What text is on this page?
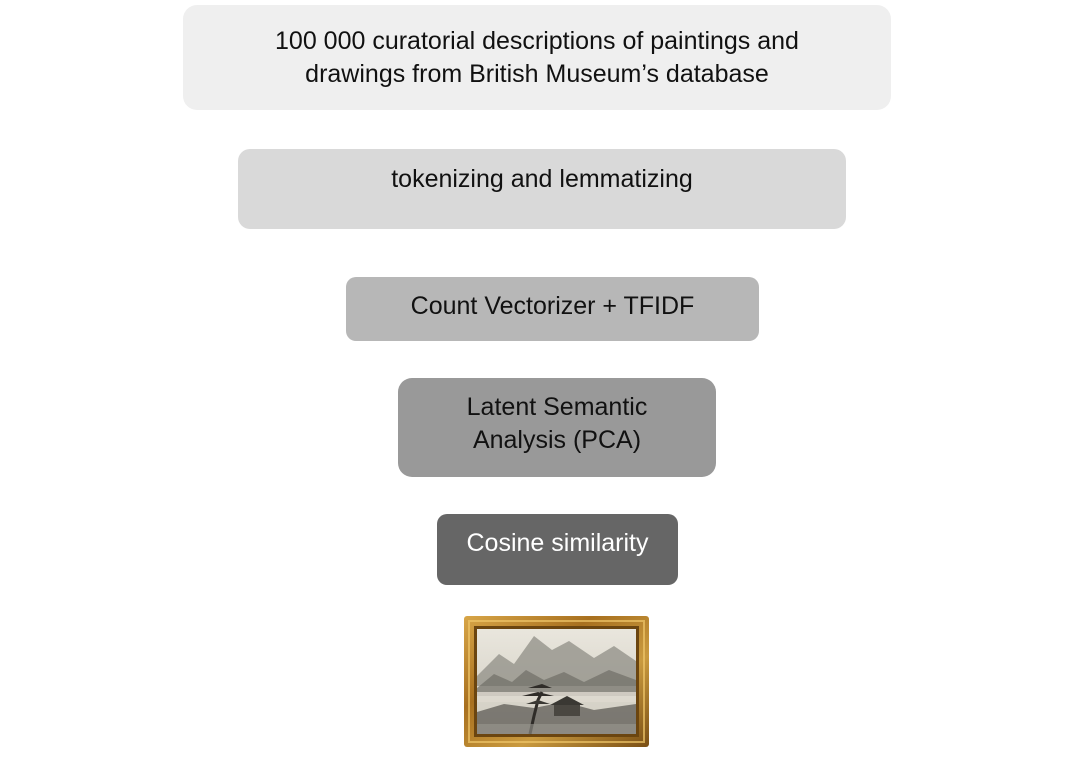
100 000 curatorial descriptions of paintings and
drawings from British Museum’s database
tokenizing and lemmatizing
Count Vectorizer + TFIDF
Latent Semantic
Analysis (PCA)
Cosine similarity
